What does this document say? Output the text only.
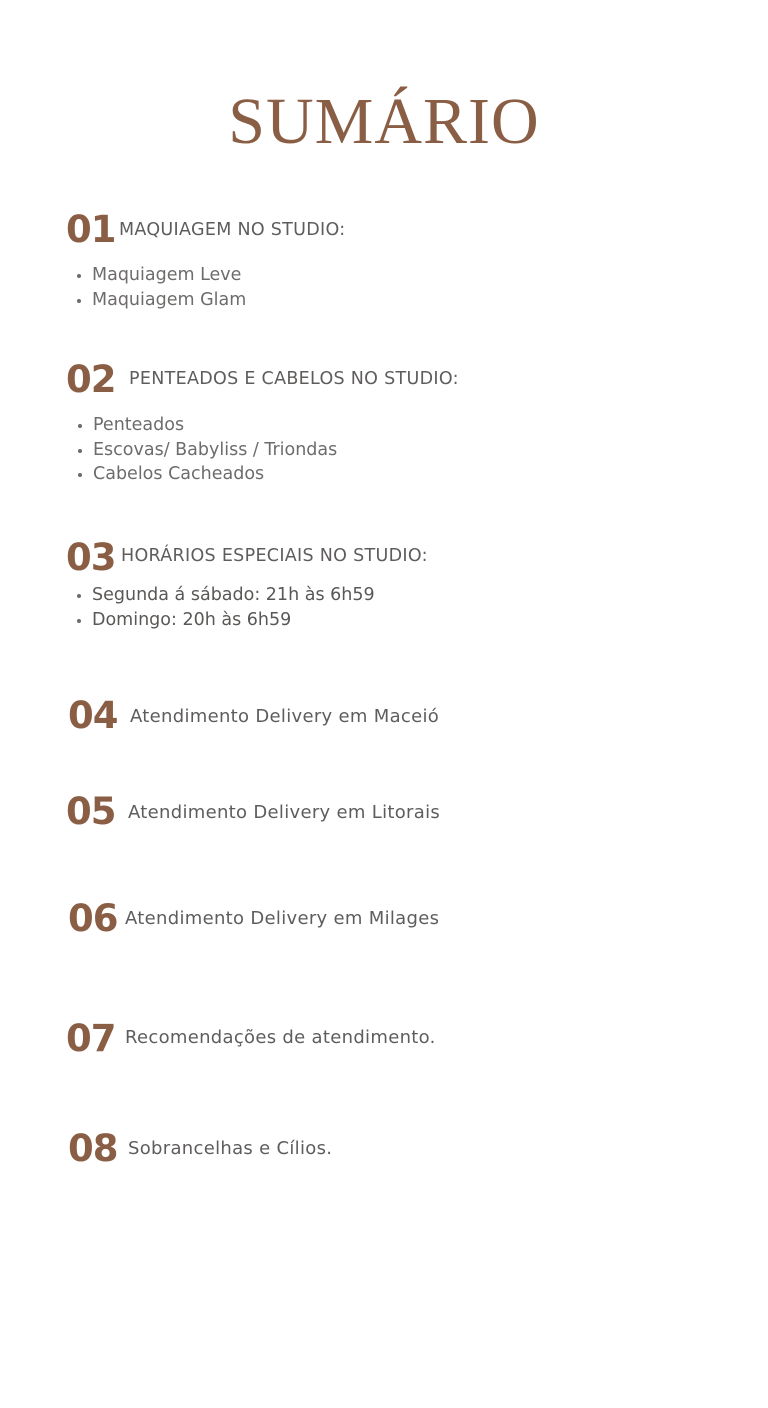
SUMÁRIO
01 MAQUIAGEM NO STUDIO:
• Maquiagem Leve
• Maquiagem Glam
02 PENTEADOS E CABELOS NO STUDIO:
• Penteados
• Escovas/ Babyliss / Triondas
• Cabelos Cacheados
03 HORÁRIOS ESPECIAIS NO STUDIO:
• Segunda á sábado: 21h às 6h59
• Domingo: 20h às 6h59
04 Atendimento Delivery em Maceió
05 Atendimento Delivery em Litorais
06 Atendimento Delivery em Milages
07 Recomendações de atendimento.
08 Sobrancelhas e Cílios.
